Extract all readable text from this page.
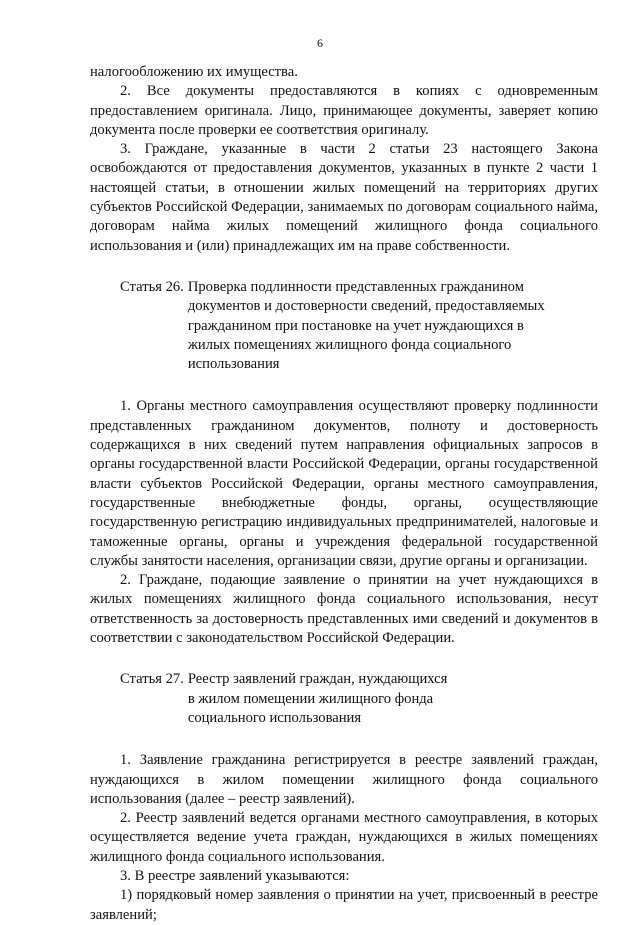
6

налогообложению их имущества.

2. Все документы предоставляются в копиях с одновременным предоставлением оригинала. Лицо, принимающее документы, заверяет копию документа после проверки ее соответствия оригиналу.

3. Граждане, указанные в части 2 статьи 23 настоящего Закона освобождаются от предоставления документов, указанных в пункте 2 части 1 настоящей статьи, в отношении жилых помещений на территориях других субъектов Российской Федерации, занимаемых по договорам социального найма, договорам найма жилых помещений жилищного фонда социального использования и (или) принадлежащих им на праве собственности.

Статья 26. Проверка подлинности представленных гражданином документов и достоверности сведений, предоставляемых гражданином при постановке на учет нуждающихся в жилых помещениях жилищного фонда социального использования

1. Органы местного самоуправления осуществляют проверку подлинности представленных гражданином документов, полноту и достоверность содержащихся в них сведений путем направления официальных запросов в органы государственной власти Российской Федерации, органы государственной власти субъектов Российской Федерации, органы местного самоуправления, государственные внебюджетные фонды, органы, осуществляющие государственную регистрацию индивидуальных предпринимателей, налоговые и таможенные органы, органы и учреждения федеральной государственной службы занятости населения, организации связи, другие органы и организации.

2. Граждане, подающие заявление о принятии на учет нуждающихся в жилых помещениях жилищного фонда социального использования, несут ответственность за достоверность представленных ими сведений и документов в соответствии с законодательством Российской Федерации.

Статья 27. Реестр заявлений граждан, нуждающихся в жилом помещении жилищного фонда социального использования

1. Заявление гражданина регистрируется в реестре заявлений граждан, нуждающихся в жилом помещении жилищного фонда социального использования (далее – реестр заявлений).

2. Реестр заявлений ведется органами местного самоуправления, в которых осуществляется ведение учета граждан, нуждающихся в жилых помещениях жилищного фонда социального использования.

3. В реестре заявлений указываются:

1) порядковый номер заявления о принятии на учет, присвоенный в реестре заявлений;
